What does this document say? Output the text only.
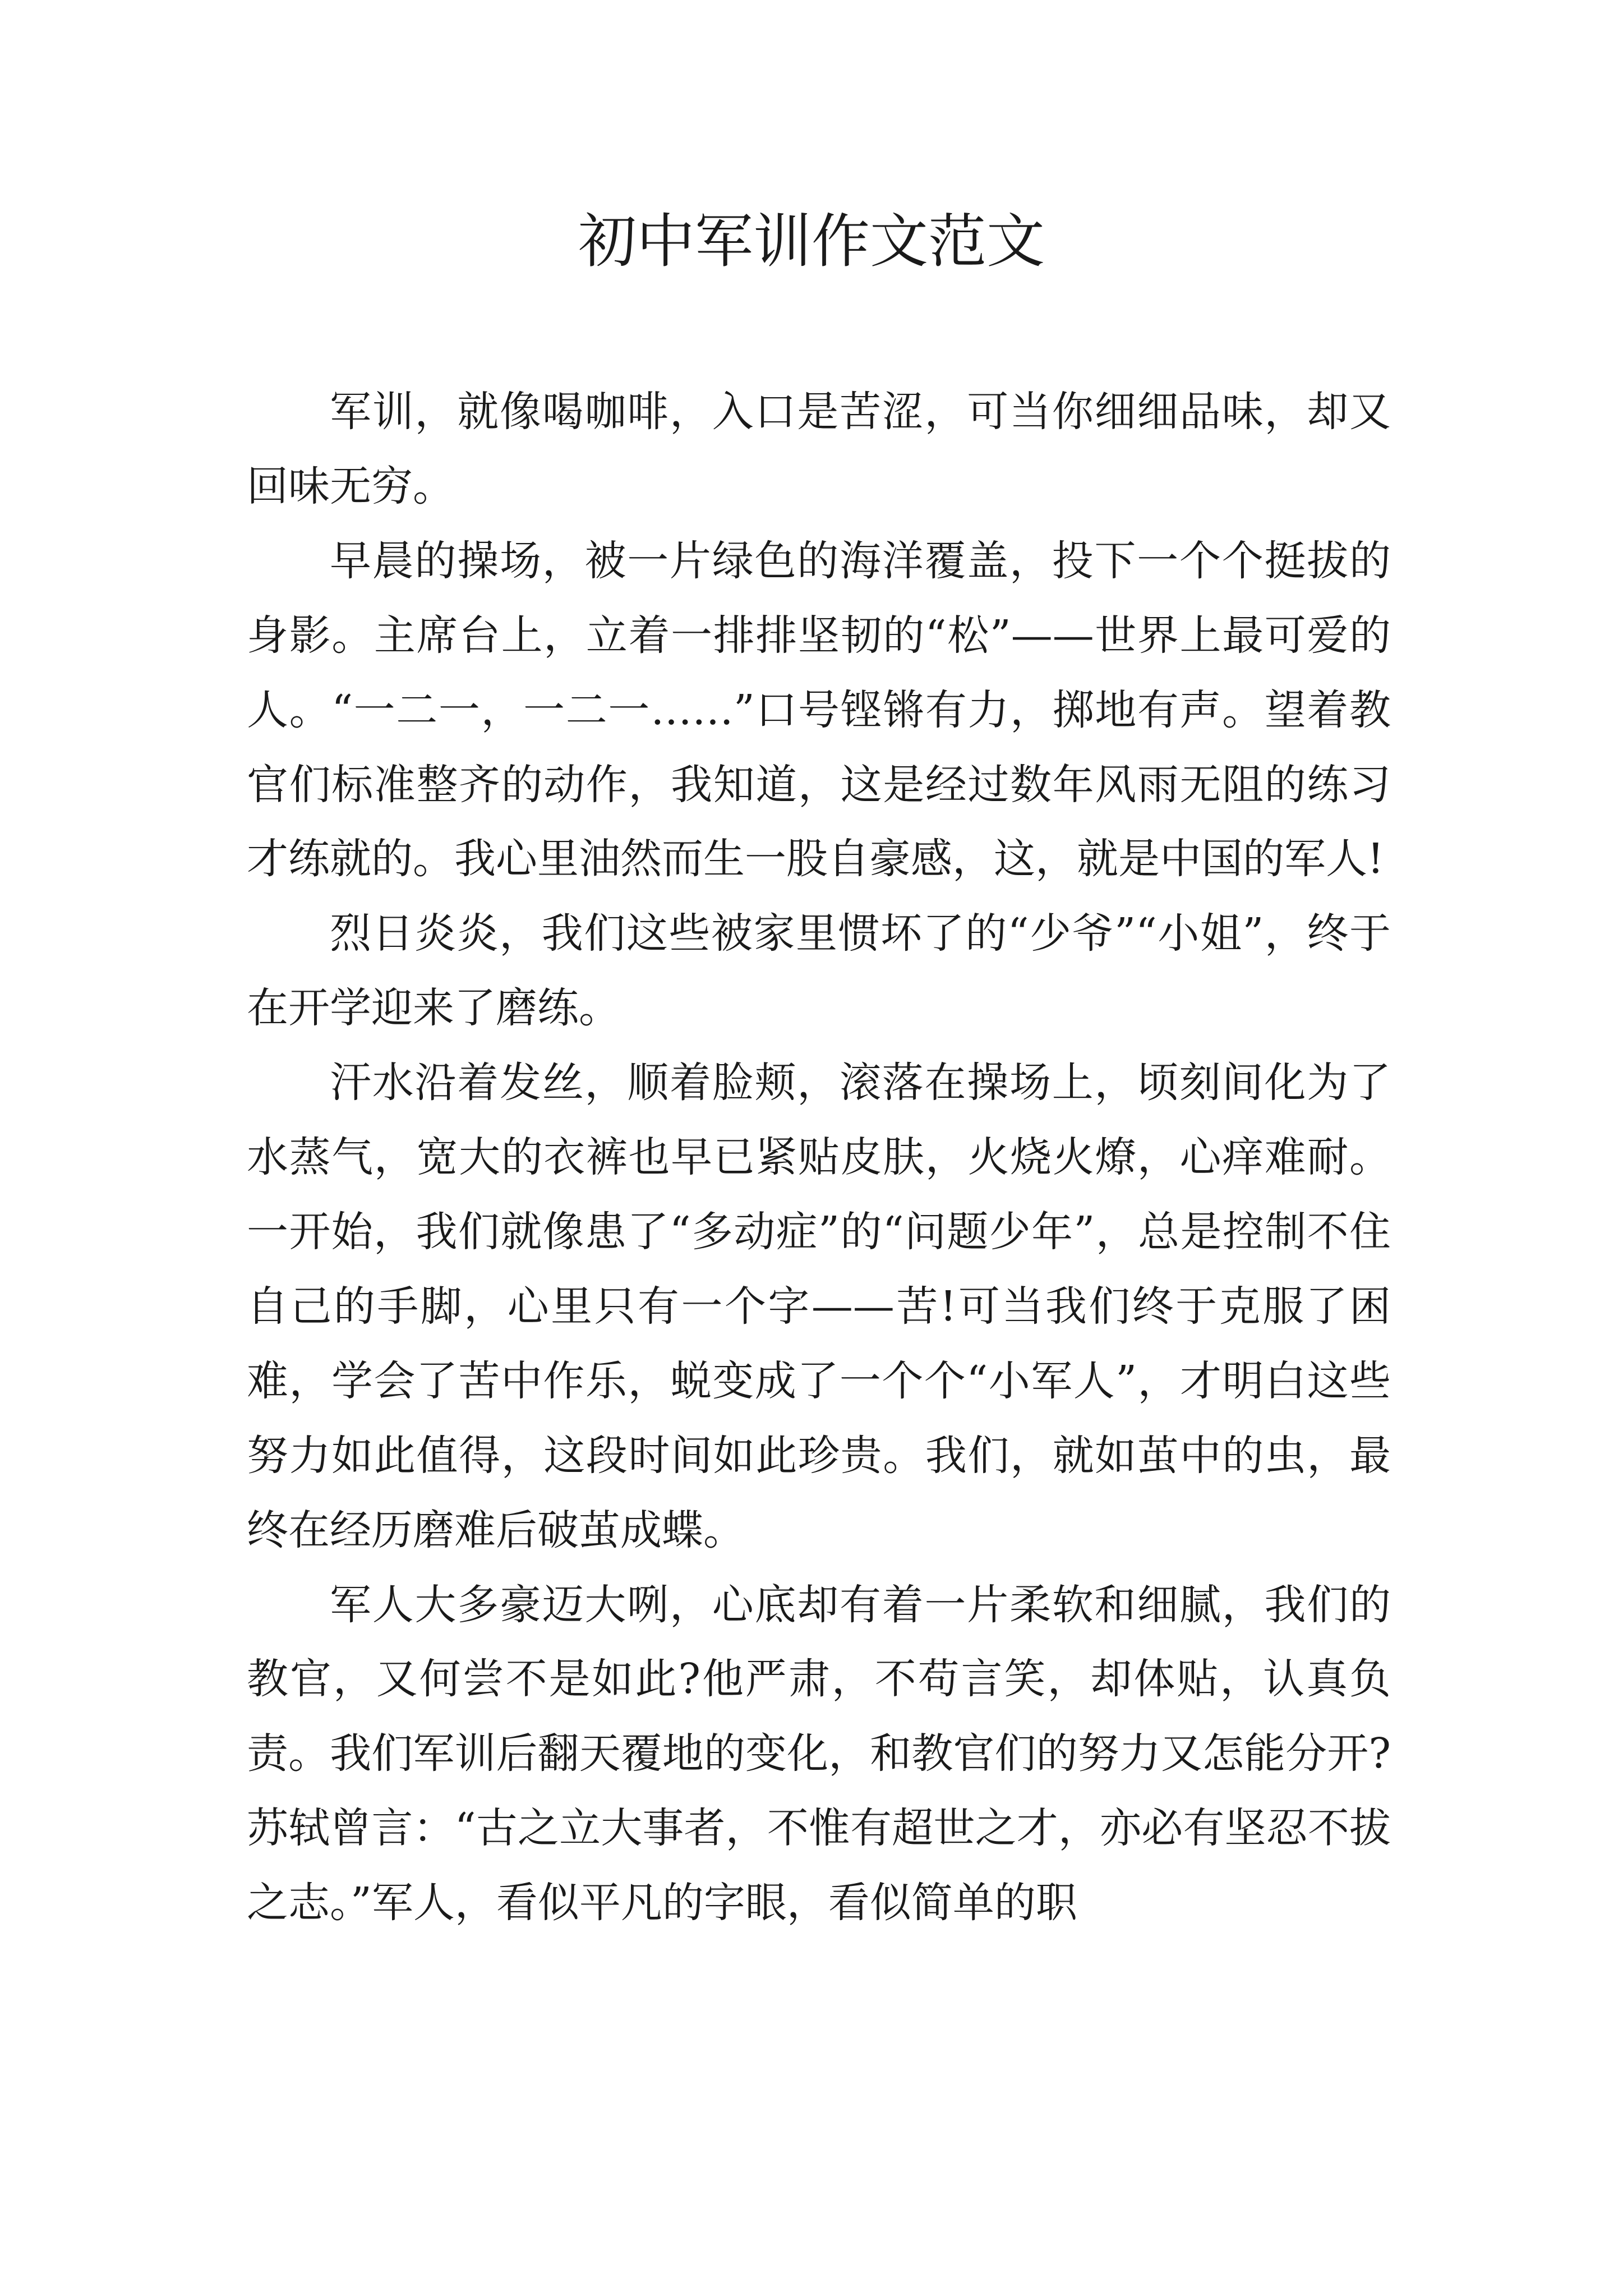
初中军训作文范文

军训，就像喝咖啡，入口是苦涩，可当你细细品味，却又回味无穷。

早晨的操场，被一片绿色的海洋覆盖，投下一个个挺拔的身影。主席台上，立着一排排坚韧的“松”——世界上最可爱的人。“一二一，一二一……”口号铿锵有力，掷地有声。望着教官们标准整齐的动作，我知道，这是经过数年风雨无阻的练习才练就的。我心里油然而生一股自豪感，这，就是中国的军人!

烈日炎炎，我们这些被家里惯坏了的“少爷”“小姐”，终于在开学迎来了磨练。

汗水沿着发丝，顺着脸颊，滚落在操场上，顷刻间化为了水蒸气，宽大的衣裤也早已紧贴皮肤，火烧火燎，心痒难耐。一开始，我们就像患了“多动症”的“问题少年”，总是控制不住自己的手脚，心里只有一个字——苦!可当我们终于克服了困难，学会了苦中作乐，蜕变成了一个个“小军人”，才明白这些努力如此值得，这段时间如此珍贵。我们，就如茧中的虫，最终在经历磨难后破茧成蝶。

军人大多豪迈大咧，心底却有着一片柔软和细腻，我们的教官，又何尝不是如此?他严肃，不苟言笑，却体贴，认真负责。我们军训后翻天覆地的变化，和教官们的努力又怎能分开?苏轼曾言：“古之立大事者，不惟有超世之才，亦必有坚忍不拔之志。”军人，看似平凡的字眼，看似简单的职
